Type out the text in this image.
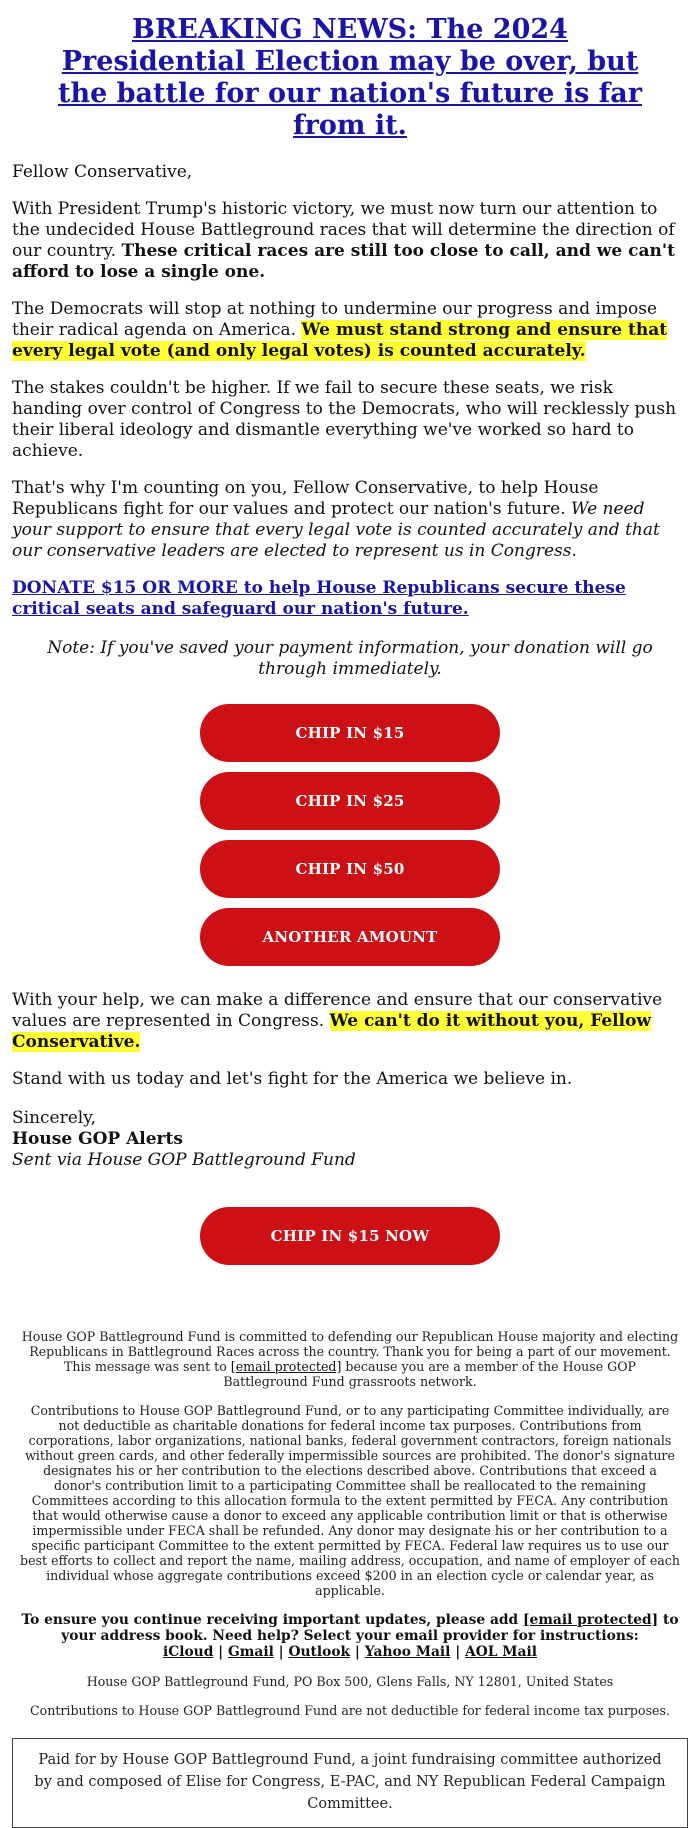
BREAKING NEWS: The 2024 Presidential Election may be over, but the battle for our nation's future is far from it.

Fellow Conservative,

With President Trump's historic victory, we must now turn our attention to the undecided House Battleground races that will determine the direction of our country. These critical races are still too close to call, and we can't afford to lose a single one.

The Democrats will stop at nothing to undermine our progress and impose their radical agenda on America. We must stand strong and ensure that every legal vote (and only legal votes) is counted accurately.

The stakes couldn't be higher. If we fail to secure these seats, we risk handing over control of Congress to the Democrats, who will recklessly push their liberal ideology and dismantle everything we've worked so hard to achieve.

That's why I'm counting on you, Fellow Conservative, to help House Republicans fight for our values and protect our nation's future. We need your support to ensure that every legal vote is counted accurately and that our conservative leaders are elected to represent us in Congress.

DONATE $15 OR MORE to help House Republicans secure these critical seats and safeguard our nation's future.

Note: If you've saved your payment information, your donation will go through immediately.

CHIP IN $15
CHIP IN $25
CHIP IN $50
ANOTHER AMOUNT

With your help, we can make a difference and ensure that our conservative values are represented in Congress. We can't do it without you, Fellow Conservative.

Stand with us today and let's fight for the America we believe in.

Sincerely,

House GOP Alerts

Sent via House GOP Battleground Fund

CHIP IN $15 NOW

House GOP Battleground Fund is committed to defending our Republican House majority and electing Republicans in Battleground Races across the country. Thank you for being a part of our movement. This message was sent to [email protected] because you are a member of the House GOP Battleground Fund grassroots network.

Contributions to House GOP Battleground Fund, or to any participating Committee individually, are not deductible as charitable donations for federal income tax purposes. Contributions from corporations, labor organizations, national banks, federal government contractors, foreign nationals without green cards, and other federally impermissible sources are prohibited. The donor's signature designates his or her contribution to the elections described above. Contributions that exceed a donor's contribution limit to a participating Committee shall be reallocated to the remaining Committees according to this allocation formula to the extent permitted by FECA. Any contribution that would otherwise cause a donor to exceed any applicable contribution limit or that is otherwise impermissible under FECA shall be refunded. Any donor may designate his or her contribution to a specific participant Committee to the extent permitted by FECA. Federal law requires us to use our best efforts to collect and report the name, mailing address, occupation, and name of employer of each individual whose aggregate contributions exceed $200 in an election cycle or calendar year, as applicable.

To ensure you continue receiving important updates, please add [email protected] to your address book. Need help? Select your email provider for instructions:
iCloud | Gmail | Outlook | Yahoo Mail | AOL Mail

House GOP Battleground Fund, PO Box 500, Glens Falls, NY 12801, United States

Contributions to House GOP Battleground Fund are not deductible for federal income tax purposes.

Paid for by House GOP Battleground Fund, a joint fundraising committee authorized by and composed of Elise for Congress, E-PAC, and NY Republican Federal Campaign Committee.
